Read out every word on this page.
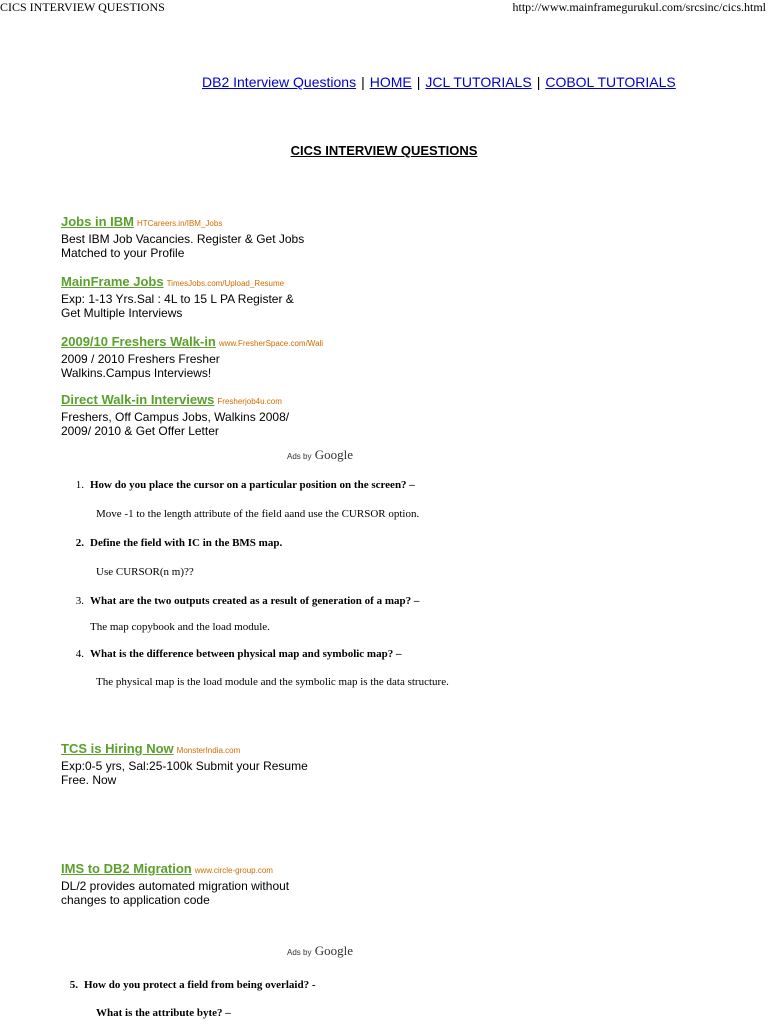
CICS INTERVIEW QUESTIONS	http://www.mainframegurukul.com/srcsinc/cics.html
DB2 Interview Questions | HOME | JCL TUTORIALS | COBOL TUTORIALS
CICS INTERVIEW QUESTIONS
Jobs in IBM HTCareers.in/IBM_Jobs
Best IBM Job Vacancies. Register & Get Jobs
Matched to your Profile
MainFrame Jobs TimesJobs.com/Upload_Resume
Exp: 1-13 Yrs.Sal : 4L to 15 L PA Register &
Get Multiple Interviews
2009/10 Freshers Walk-in www.FresherSpace.com/Wali
2009 / 2010 Freshers Fresher
Walkins.Campus Interviews!
Direct Walk-in Interviews Fresherjob4u.com
Freshers, Off Campus Jobs, Walkins 2008/
2009/ 2010 & Get Offer Letter
Ads by Google
1. How do you place the cursor on a particular position on the screen? –
Move -1 to the length attribute of the field aand use the CURSOR option.
2. Define the field with IC in the BMS map.
Use CURSOR(n m)??
3. What are the two outputs created as a result of generation of a map? –
The map copybook and the load module.
4. What is the difference between physical map and symbolic map? –
The physical map is the load module and the symbolic map is the data structure.
TCS is Hiring Now MonsterIndia.com
Exp:0-5 yrs, Sal:25-100k Submit your Resume
Free. Now
IMS to DB2 Migration www.circle-group.com
DL/2 provides automated migration without
changes to application code
Ads by Google
5. How do you protect a field from being overlaid? -
What is the attribute byte? –
